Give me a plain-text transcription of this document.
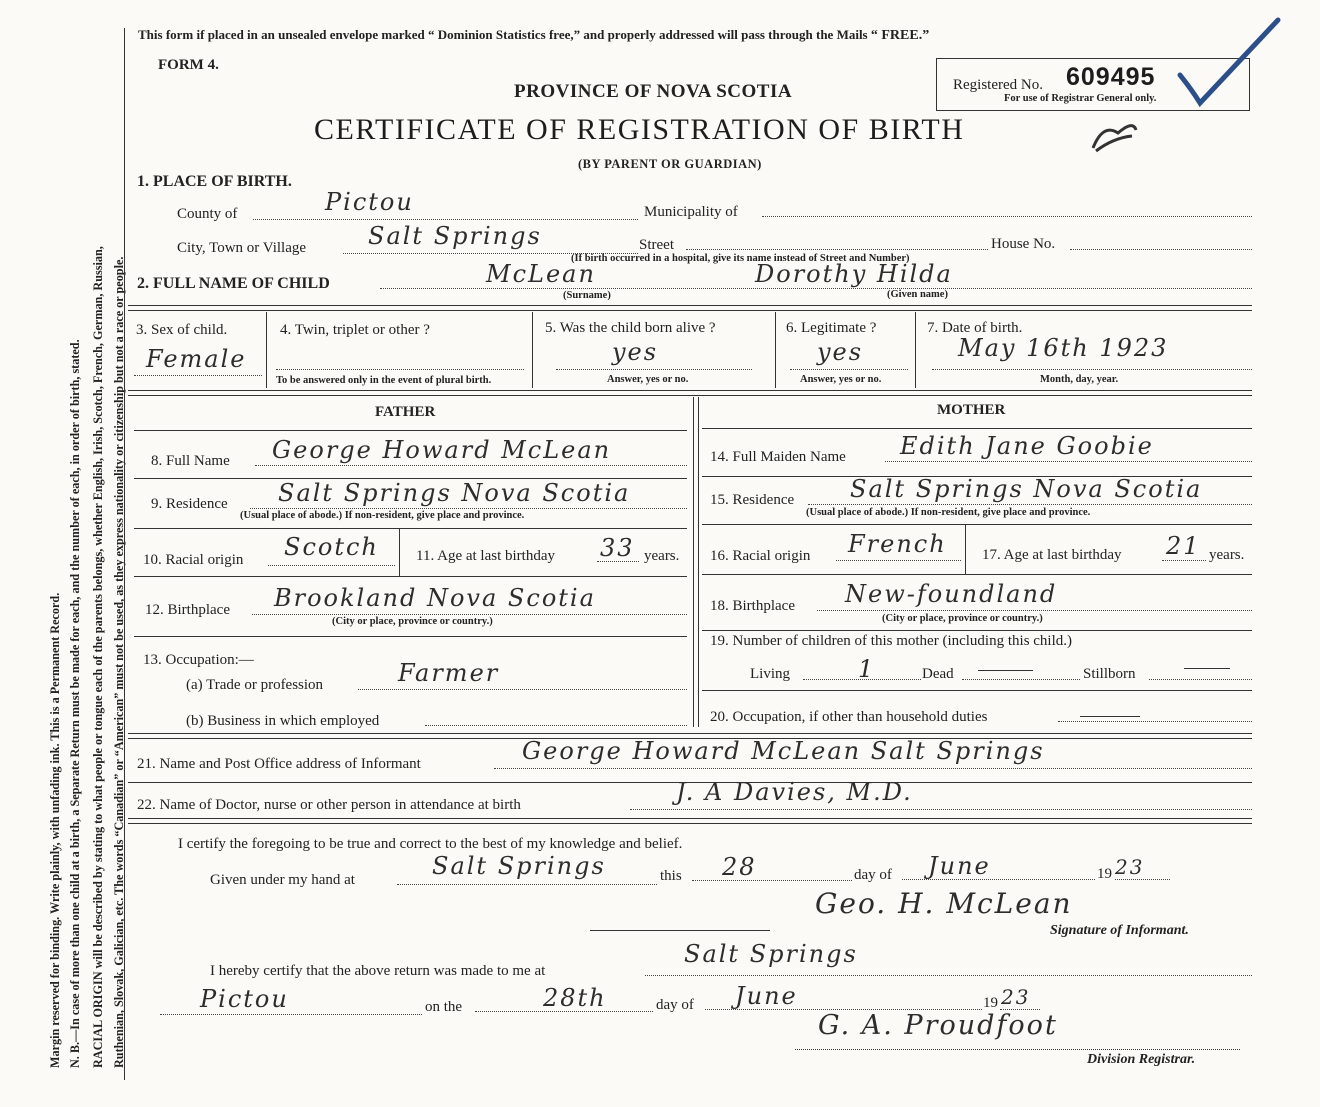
Margin reserved for binding. Write plainly, with unfading ink. This is a Permanent Record. N. B.—In case of more than one child at a birth, a Separate Return must be made for each, and the number of each, in order of birth, stated. RACIAL ORIGIN will be described by stating to what people or tongue each of the parents belongs, whether English, Irish, Scotch, French, German, Russian, Ruthenian, Slovak, Galician, etc. The words “Canadian” or “American” must not be used, as they express nationality or citizenship but not a race or people.
This form if placed in an unsealed envelope marked “ Dominion Statistics free,” and properly addressed will pass through the Mails “ FREE.”
FORM 4.
PROVINCE OF NOVA SCOTIA
CERTIFICATE OF REGISTRATION OF BIRTH
(BY PARENT OR GUARDIAN)
Registered No. 609495
For use of Registrar General only.
1. PLACE OF BIRTH.
County of	Pictou	Municipality of
City, Town or Village	Salt Springs	Street
(If birth occurred in a hospital, give its name instead of Street and Number)
House No.
2. FULL NAME OF CHILD	McLean	Dorothy Hilda
(Surname)	(Given name)
3. Sex of child.
Female
4. Twin, triplet or other ?
To be answered only in the event of plural birth.
5. Was the child born alive ?
yes
Answer, yes or no.
6. Legitimate ?
yes
Answer, yes or no.
7. Date of birth.
May 16th 1923
Month, day, year.
FATHER	MOTHER
8. Full Name George Howard McLean
9. Residence Salt Springs Nova Scotia
(Usual place of abode.) If non-resident, give place and province.
10. Racial origin Scotch 11. Age at last birthday 33 years.
12. Birthplace Brookland Nova Scotia
(City or place, province or country.)
13. Occupation:—
(a) Trade or profession	Farmer
(b) Business in which employed
14. Full Maiden Name Edith Jane Goobie
15. Residence Salt Springs Nova Scotia
(Usual place of abode.) If non-resident, give place and province.
16. Racial origin French 17. Age at last birthday 21 years.
18. Birthplace New-foundland
(City or place, province or country.)
19. Number of children of this mother (including this child.)
Living	1	Dead	Stillborn
20. Occupation, if other than household duties
21. Name and Post Office address of Informant	George Howard McLean Salt Springs
22. Name of Doctor, nurse or other person in attendance at birth	J. A Davies, M.D.
I certify the foregoing to be true and correct to the best of my knowledge and belief.
Given under my hand at	Salt Springs	this 28	day of June	19 23
Geo. H. McLean
Signature of Informant.
I hereby certify that the above return was made to me at
Salt Springs
Pictou	on the	28th	day of June	19 23
G. A. Proudfoot
Division Registrar.
